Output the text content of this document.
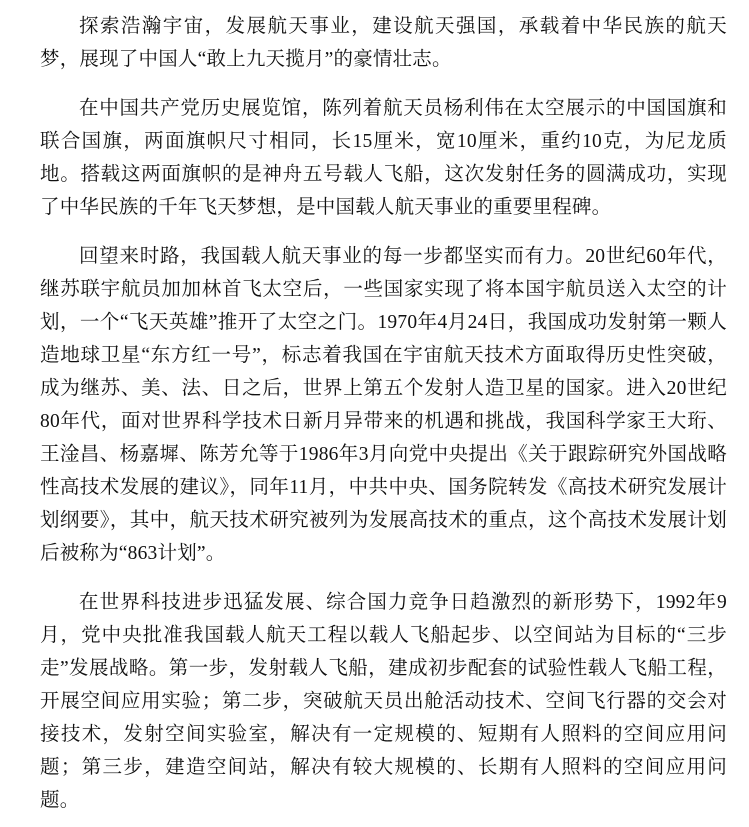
探索浩瀚宇宙，发展航天事业，建设航天强国，承载着中华民族的航天梦，展现了中国人“敢上九天揽月”的豪情壮志。

在中国共产党历史展览馆，陈列着航天员杨利伟在太空展示的中国国旗和联合国旗，两面旗帜尺寸相同，长15厘米，宽10厘米，重约10克，为尼龙质地。搭载这两面旗帜的是神舟五号载人飞船，这次发射任务的圆满成功，实现了中华民族的千年飞天梦想，是中国载人航天事业的重要里程碑。

回望来时路，我国载人航天事业的每一步都坚实而有力。20世纪60年代，继苏联宇航员加加林首飞太空后，一些国家实现了将本国宇航员送入太空的计划，一个“飞天英雄”推开了太空之门。1970年4月24日，我国成功发射第一颗人造地球卫星“东方红一号”，标志着我国在宇宙航天技术方面取得历史性突破，成为继苏、美、法、日之后，世界上第五个发射人造卫星的国家。进入20世纪80年代，面对世界科学技术日新月异带来的机遇和挑战，我国科学家王大珩、王淦昌、杨嘉墀、陈芳允等于1986年3月向党中央提出《关于跟踪研究外国战略性高技术发展的建议》，同年11月，中共中央、国务院转发《高技术研究发展计划纲要》，其中，航天技术研究被列为发展高技术的重点，这个高技术发展计划后被称为“863计划”。

在世界科技进步迅猛发展、综合国力竞争日趋激烈的新形势下，1992年9月，党中央批准我国载人航天工程以载人飞船起步、以空间站为目标的“三步走”发展战略。第一步，发射载人飞船，建成初步配套的试验性载人飞船工程，开展空间应用实验；第二步，突破航天员出舱活动技术、空间飞行器的交会对接技术，发射空间实验室，解决有一定规模的、短期有人照料的空间应用问题；第三步，建造空间站，解决有较大规模的、长期有人照料的空间应用问题。
